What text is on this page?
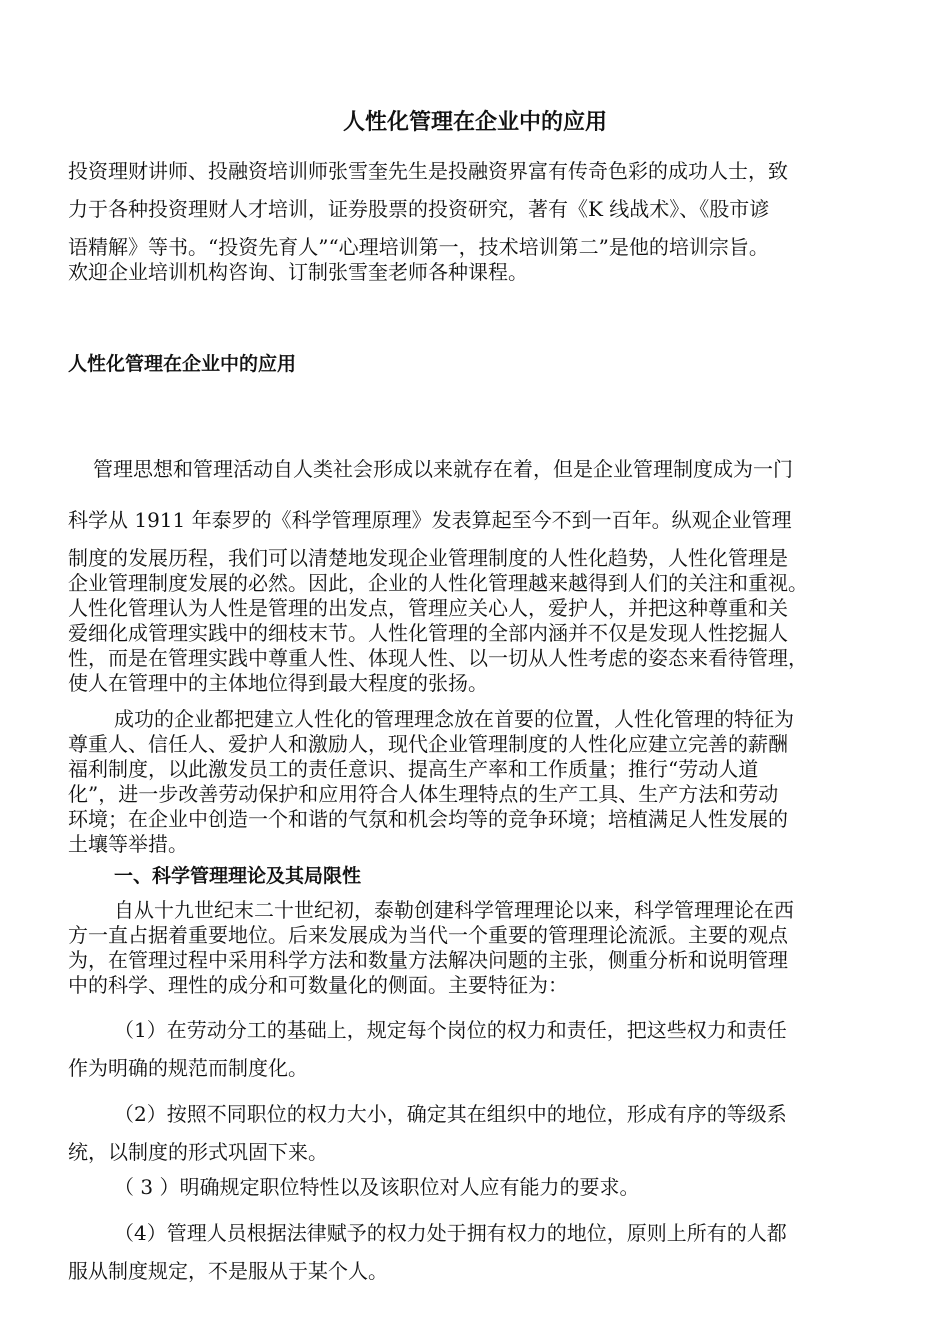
人性化管理在企业中的应用

投资理财讲师、投融资培训师张雪奎先生是投融资界富有传奇色彩的成功人士，致

力于各种投资理财人才培训，证券股票的投资研究，著有《K 线战术》、《股市谚

语精解》等书。“投资先育人”“心理培训第一，技术培训第二”是他的培训宗旨。

欢迎企业培训机构咨询、订制张雪奎老师各种课程。

人性化管理在企业中的应用

管理思想和管理活动自人类社会形成以来就存在着，但是企业管理制度成为一门

科学从 1911 年泰罗的《科学管理原理》发表算起至今不到一百年。纵观企业管理

制度的发展历程，我们可以清楚地发现企业管理制度的人性化趋势，人性化管理是

企业管理制度发展的必然。因此，企业的人性化管理越来越得到人们的关注和重视。

人性化管理认为人性是管理的出发点，管理应关心人，爱护人，并把这种尊重和关

爱细化成管理实践中的细枝末节。人性化管理的全部内涵并不仅是发现人性挖掘人

性，而是在管理实践中尊重人性、体现人性、以一切从人性考虑的姿态来看待管理，

使人在管理中的主体地位得到最大程度的张扬。

成功的企业都把建立人性化的管理理念放在首要的位置，人性化管理的特征为

尊重人、信任人、爱护人和激励人，现代企业管理制度的人性化应建立完善的薪酬

福利制度，以此激发员工的责任意识、提高生产率和工作质量；推行“劳动人道

化”，进一步改善劳动保护和应用符合人体生理特点的生产工具、生产方法和劳动

环境；在企业中创造一个和谐的气氛和机会均等的竞争环境；培植满足人性发展的

土壤等举措。

一、科学管理理论及其局限性

自从十九世纪末二十世纪初，泰勒创建科学管理理论以来，科学管理理论在西

方一直占据着重要地位。后来发展成为当代一个重要的管理理论流派。主要的观点

为，在管理过程中采用科学方法和数量方法解决问题的主张，侧重分析和说明管理

中的科学、理性的成分和可数量化的侧面。主要特征为：

（1）在劳动分工的基础上，规定每个岗位的权力和责任，把这些权力和责任

作为明确的规范而制度化。

（2）按照不同职位的权力大小，确定其在组织中的地位，形成有序的等级系

统，以制度的形式巩固下来。

（ 3 ）明确规定职位特性以及该职位对人应有能力的要求。

（4）管理人员根据法律赋予的权力处于拥有权力的地位，原则上所有的人都

服从制度规定，不是服从于某个人。
